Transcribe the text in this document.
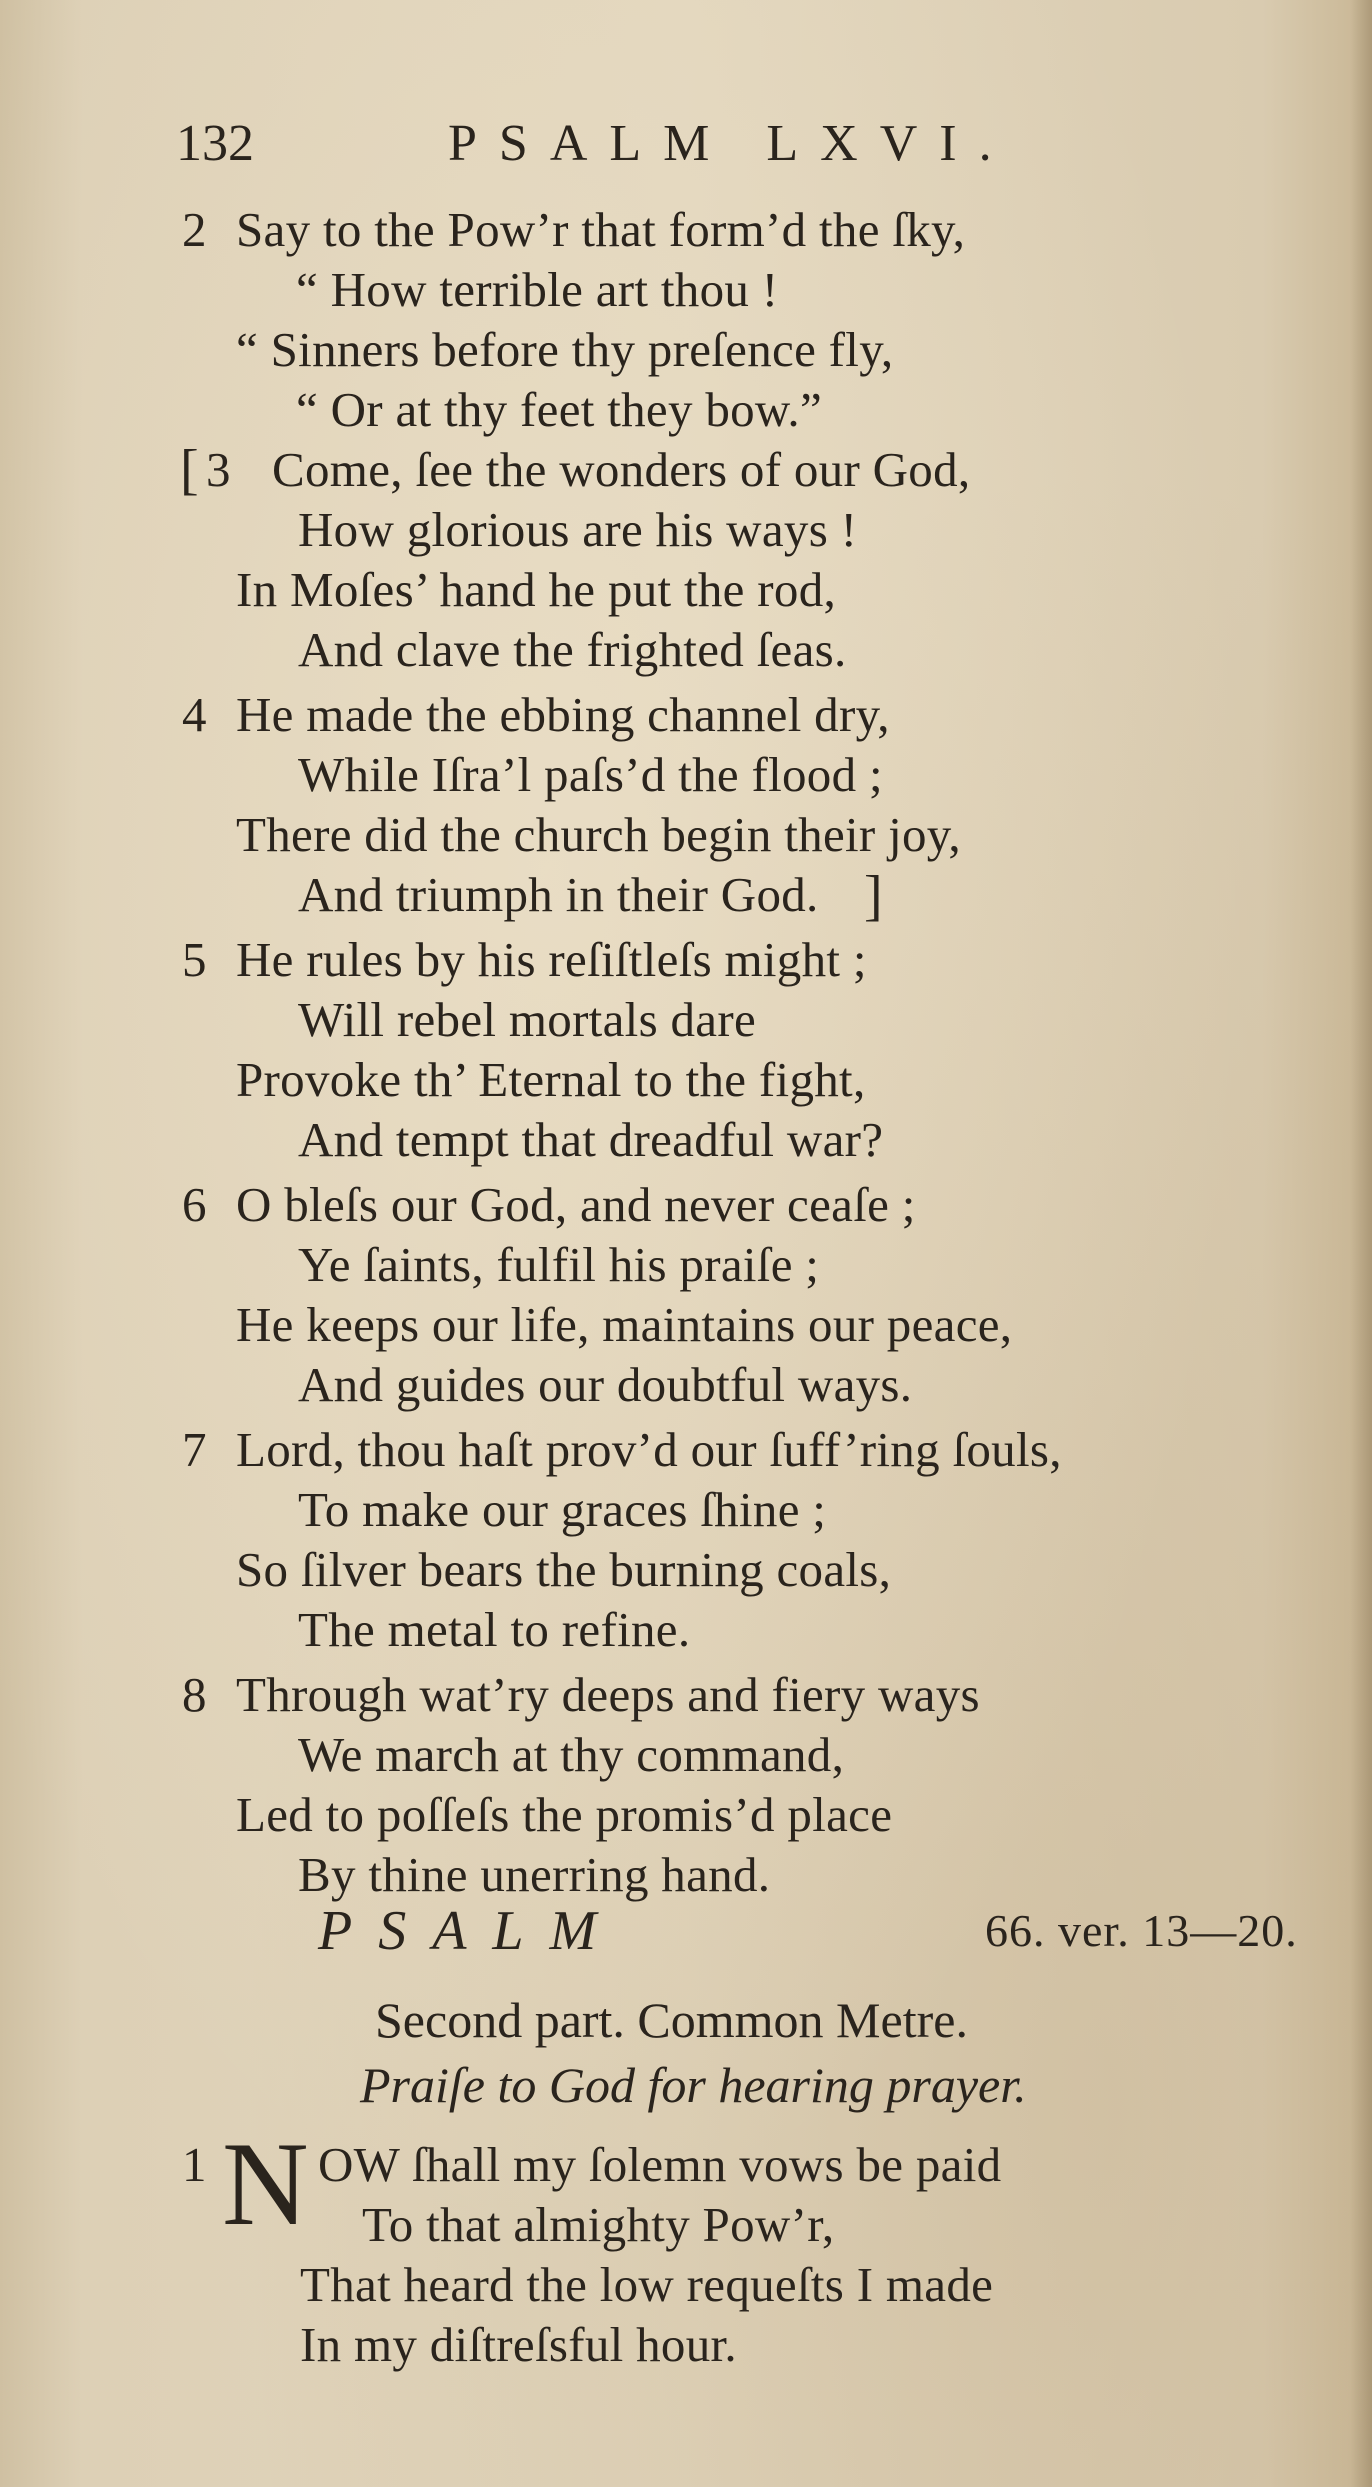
132	PSALM LXVI.
2 Say to the Pow’r that form’d the ſky,
“ How terrible art thou !
“ Sinners before thy preſence fly,
“ Or at thy feet they bow.”
[ 3 Come, ſee the wonders of our God,
How glorious are his ways !
In Moſes’ hand he put the rod,
And clave the frighted ſeas.
4 He made the ebbing channel dry,
While Iſra’l paſs’d the flood ;
There did the church begin their joy,
And triumph in their God. ]
5 He rules by his reſiſtleſs might ;
Will rebel mortals dare
Provoke th’ Eternal to the fight,
And tempt that dreadful war?
6 O bleſs our God, and never ceaſe ;
Ye ſaints, fulfil his praiſe ;
He keeps our life, maintains our peace,
And guides our doubtful ways.
7 Lord, thou haſt prov’d our ſuff’ring ſouls,
To make our graces ſhine ;
So ſilver bears the burning coals,
The metal to refine.
8 Through wat’ry deeps and fiery ways
We march at thy command,
Led to poſſeſs the promis’d place
By thine unerring hand.
PSALM	66. ver. 13—20.
Second part. Common Metre.
Praiſe to God for hearing prayer.
1 N OW ſhall my ſolemn vows be paid
To that almighty Pow’r,
That heard the low requeſts I made
In my diſtreſsful hour.
